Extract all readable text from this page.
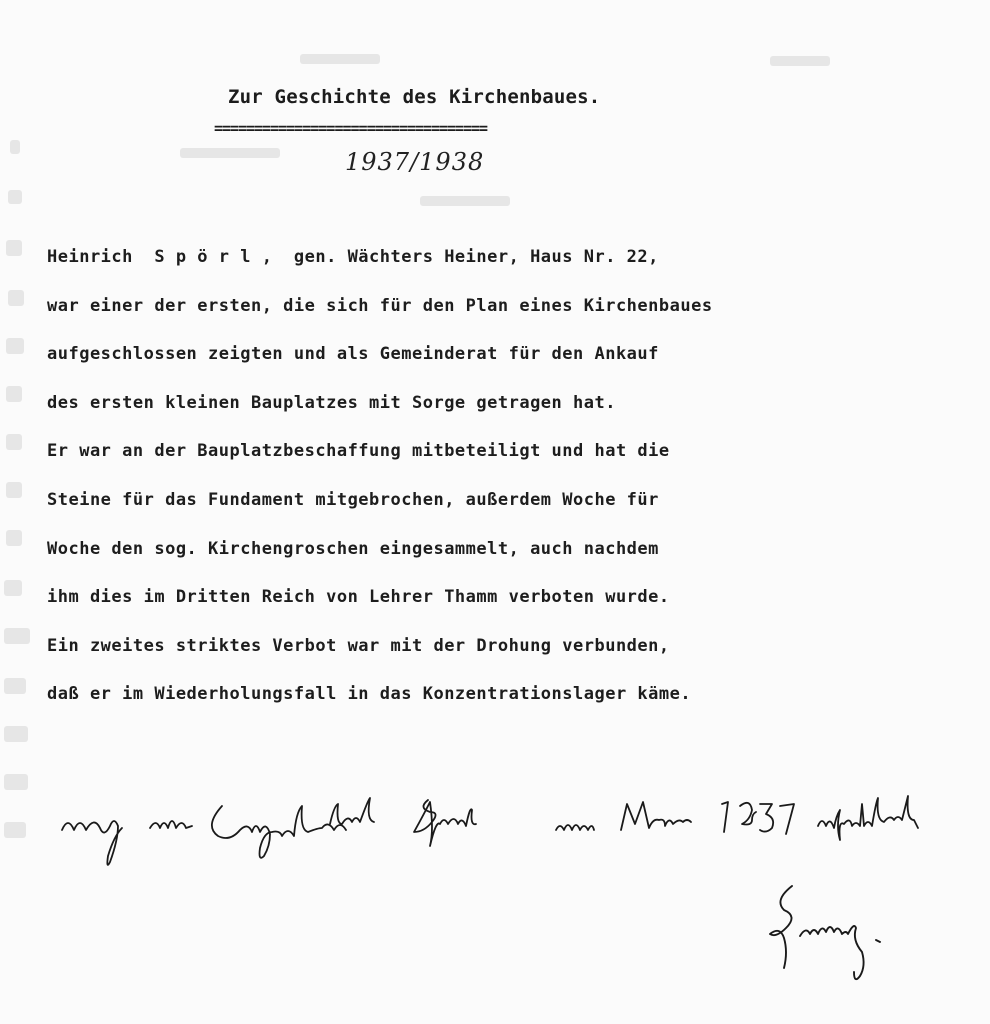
Zur Geschichte des Kirchenbaues.
==================================
1937/1938
Heinrich  S p ö r l ,  gen. Wächters Heiner, Haus Nr. 22,
war einer der ersten, die sich für den Plan eines Kirchenbaues
aufgeschlossen zeigten und als Gemeinderat für den Ankauf
des ersten kleinen Bauplatzes mit Sorge getragen hat.
Er war an der Bauplatzbeschaffung mitbeteiligt und hat die
Steine für das Fundament mitgebrochen, außerdem Woche für
Woche den sog. Kirchengroschen eingesammelt, auch nachdem
ihm dies im Dritten Reich von Lehrer Thamm verboten wurde.
Ein zweites striktes Verbot war mit der Drohung verbunden,
daß er im Wiederholungsfall in das Konzentrationslager käme.
